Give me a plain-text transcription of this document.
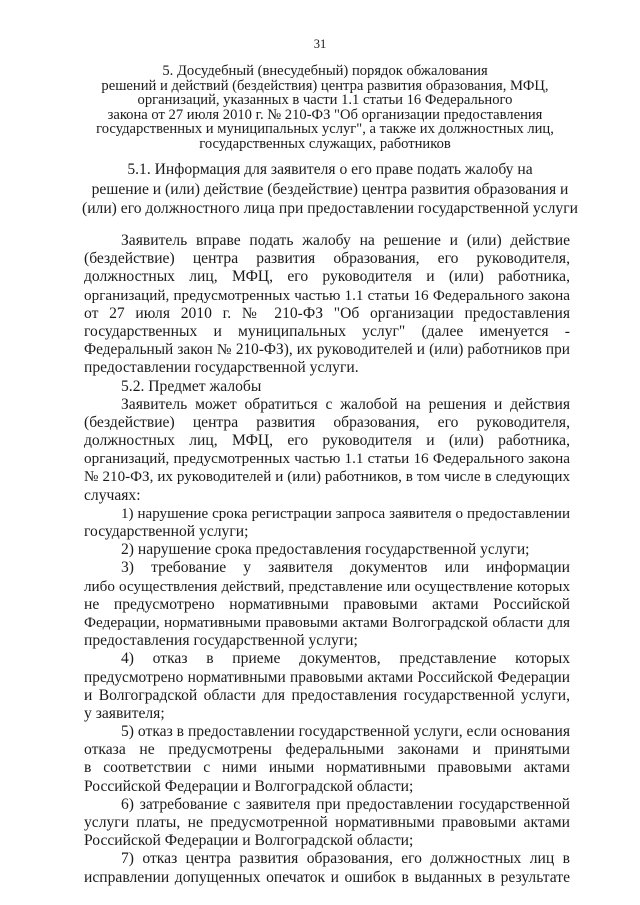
31
5. Досудебный (внесудебный) порядок обжалования
решений и действий (бездействия) центра развития образования, МФЦ,
организаций, указанных в части 1.1 статьи 16 Федерального
закона от 27 июля 2010 г. № 210-ФЗ "Об организации предоставления
государственных и муниципальных услуг", а также их должностных лиц,
государственных служащих, работников
5.1. Информация для заявителя о его праве подать жалобу на
решение и (или) действие (бездействие) центра развития образования и
(или) его должностного лица при предоставлении государственной услуги
Заявитель вправе подать жалобу на решение и (или) действие
(бездействие) центра развития образования, его руководителя,
должностных лиц, МФЦ, его руководителя и (или) работника,
организаций, предусмотренных частью 1.1 статьи 16 Федерального закона
от 27 июля 2010 г. № 210-ФЗ "Об организации предоставления
государственных и муниципальных услуг" (далее именуется -
Федеральный закон № 210-ФЗ), их руководителей и (или) работников при
предоставлении государственной услуги.
5.2. Предмет жалобы
Заявитель может обратиться с жалобой на решения и действия
(бездействие) центра развития образования, его руководителя,
должностных лиц, МФЦ, его руководителя и (или) работника,
организаций, предусмотренных частью 1.1 статьи 16 Федерального закона
№ 210-ФЗ, их руководителей и (или) работников, в том числе в следующих
случаях:
1) нарушение срока регистрации запроса заявителя о предоставлении
государственной услуги;
2) нарушение срока предоставления государственной услуги;
3) требование у заявителя документов или информации
либо осуществления действий, представление или осуществление которых
не предусмотрено нормативными правовыми актами Российской
Федерации, нормативными правовыми актами Волгоградской области для
предоставления государственной услуги;
4) отказ в приеме документов, представление которых
предусмотрено нормативными правовыми актами Российской Федерации
и Волгоградской области для предоставления государственной услуги,
у заявителя;
5) отказ в предоставлении государственной услуги, если основания
отказа не предусмотрены федеральными законами и принятыми
в соответствии с ними иными нормативными правовыми актами
Российской Федерации и Волгоградской области;
6) затребование с заявителя при предоставлении государственной
услуги платы, не предусмотренной нормативными правовыми актами
Российской Федерации и Волгоградской области;
7) отказ центра развития образования, его должностных лиц в
исправлении допущенных опечаток и ошибок в выданных в результате
